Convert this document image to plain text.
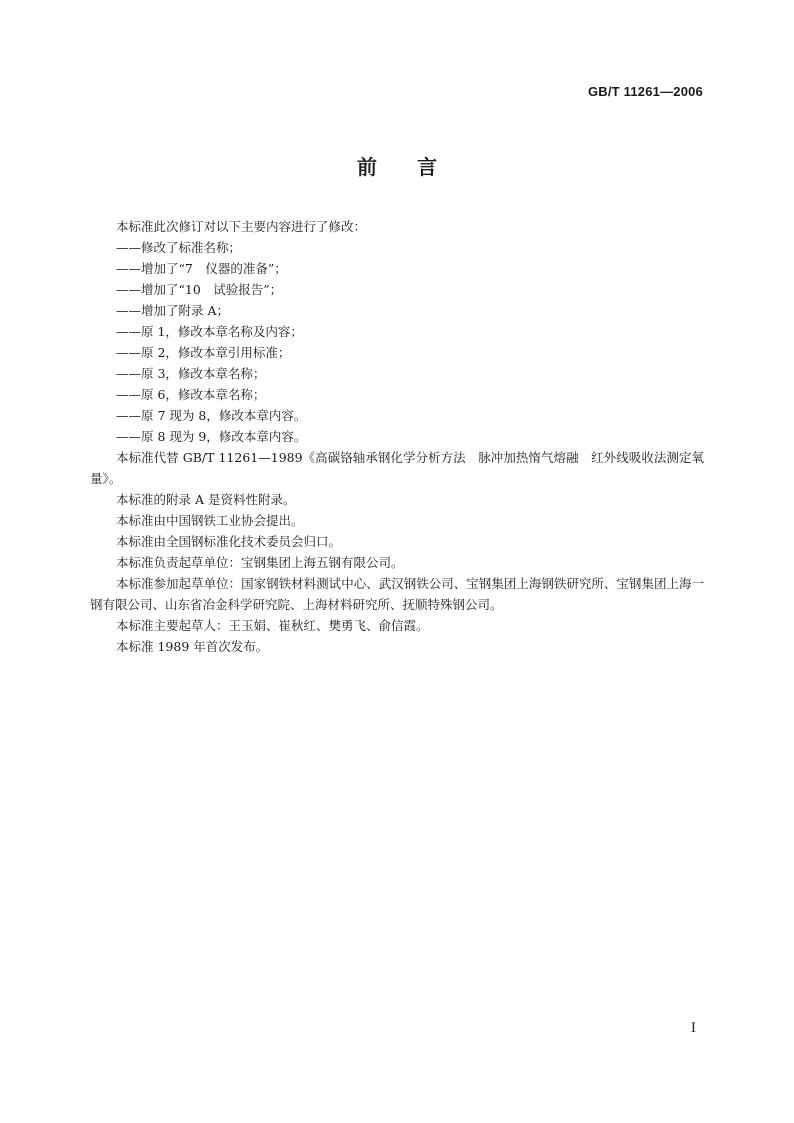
GB/T 11261—2006
前言

本标准此次修订对以下主要内容进行了修改：

——修改了标准名称；

——增加了“7　仪器的准备”；

——增加了“10　试验报告”；

——增加了附录 A；

——原 1，修改本章名称及内容；

——原 2，修改本章引用标准；

——原 3，修改本章名称；

——原 6，修改本章名称；

——原 7 现为 8，修改本章内容。

——原 8 现为 9，修改本章内容。

本标准代替 GB/T 11261—1989《高碳铬轴承钢化学分析方法　脉冲加热惰气熔融　红外线吸收法测定氧量》。

本标准的附录 A 是资料性附录。

本标准由中国钢铁工业协会提出。

本标准由全国钢标准化技术委员会归口。

本标准负责起草单位：宝钢集团上海五钢有限公司。

本标准参加起草单位：国家钢铁材料测试中心、武汉钢铁公司、宝钢集团上海钢铁研究所、宝钢集团上海一钢有限公司、山东省冶金科学研究院、上海材料研究所、抚顺特殊钢公司。

本标准主要起草人：王玉娟、崔秋红、樊勇飞、俞信霞。

本标准 1989 年首次发布。

I
